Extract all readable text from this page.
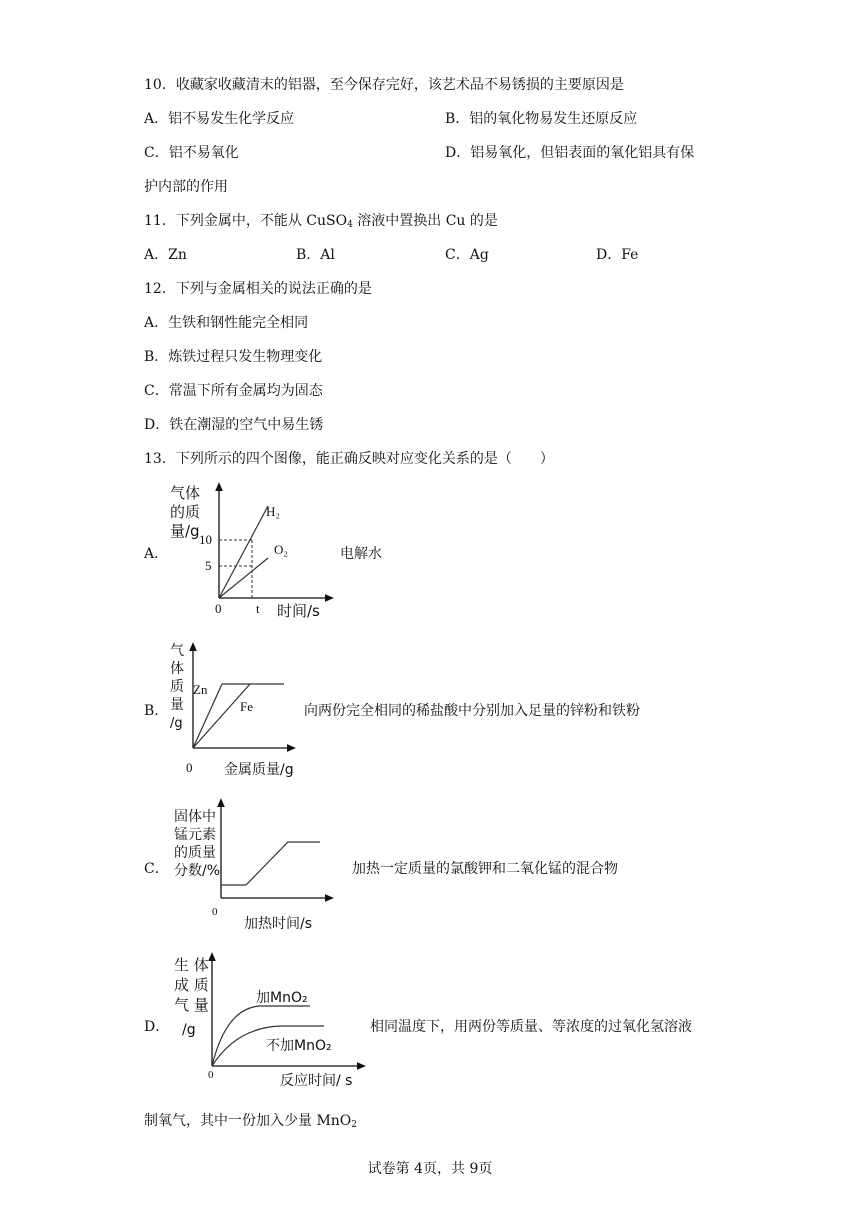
10．收藏家收藏清末的铝器，至今保存完好，该艺术品不易锈损的主要原因是
A．铝不易发生化学反应	B．铝的氧化物易发生还原反应
C．铝不易氧化	D．铝易氧化，但铝表面的氧化铝具有保
护内部的作用
11．下列金属中，不能从 CuSO$_4$ 溶液中置换出 Cu 的是
A．Zn	B．Al	C．Ag	D．Fe
12．下列与金属相关的说法正确的是
A．生铁和钢性能完全相同
B．炼铁过程只发生物理变化
C．常温下所有金属均为固态
D．铁在潮湿的空气中易生锈
13．下列所示的四个图像，能正确反映对应变化关系的是（　　）
A．
气体
的质
量/g 10
5
0	t 时间/s
H₂
O₂	电解水
B．
气
体
质
量
/g
Zn
Fe
0 金属质量/g
向两份完全相同的稀盐酸中分别加入足量的锌粉和铁粉
C．
固体中
锰元素
的质量
分数/%
0
加热时间/s
加热一定质量的氯酸钾和二氧化锰的混合物
D．
生 体
成 质
气 量
/g
加MnO₂
不加MnO₂
0	反应时间/ s
相同温度下，用两份等质量、等浓度的过氧化氢溶液
制氧气，其中一份加入少量 MnO$_2$
试卷第 4页，共 9页
